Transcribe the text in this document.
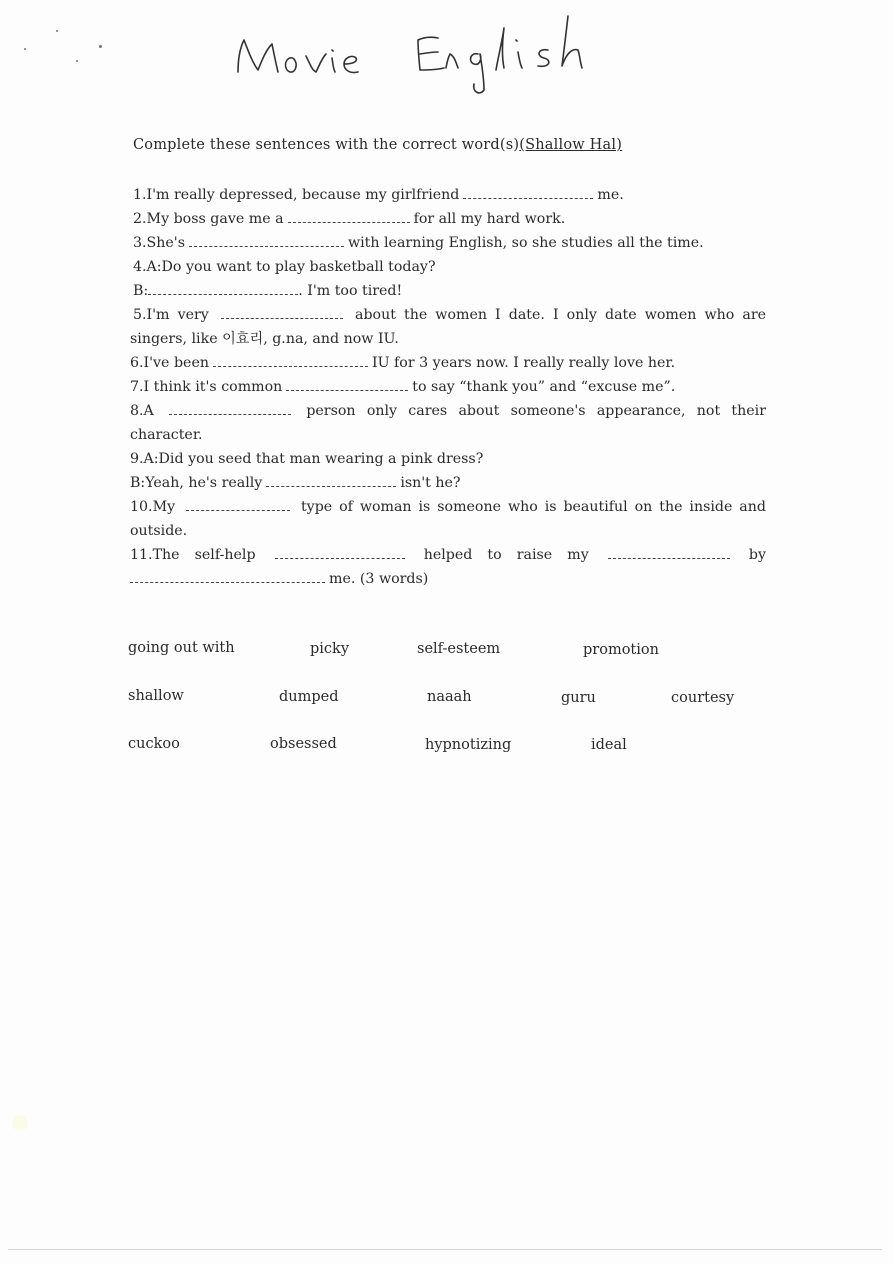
Complete these sentences with the correct word(s)(Shallow Hal)
1.I'm really depressed, because my girlfriend	me.
2.My boss gave me a	for all my hard work.
3.She's	with learning English, so she studies all the time.
4.A:Do you want to play basketball today?
B:	. I'm too tired!
5.I'm very	about the women I date. I only date women who are
singers, like 이효리, g.na, and now IU.
6.I've been	IU for 3 years now. I really really love her.
7.I think it's common	to say “thank you” and “excuse me”.
8.A	person only cares about someone's appearance, not their
character.
9.A:Did you seed that man wearing a pink dress?
B:Yeah, he's really	isn't he?
10.My	type of woman is someone who is beautiful on the inside and
outside.
11.The self-help	helped to raise my	by
me. (3 words)
going out with	picky	self-esteem	promotion
shallow	dumped	naaah	guru	courtesy
cuckoo	obsessed	hypnotizing	ideal
